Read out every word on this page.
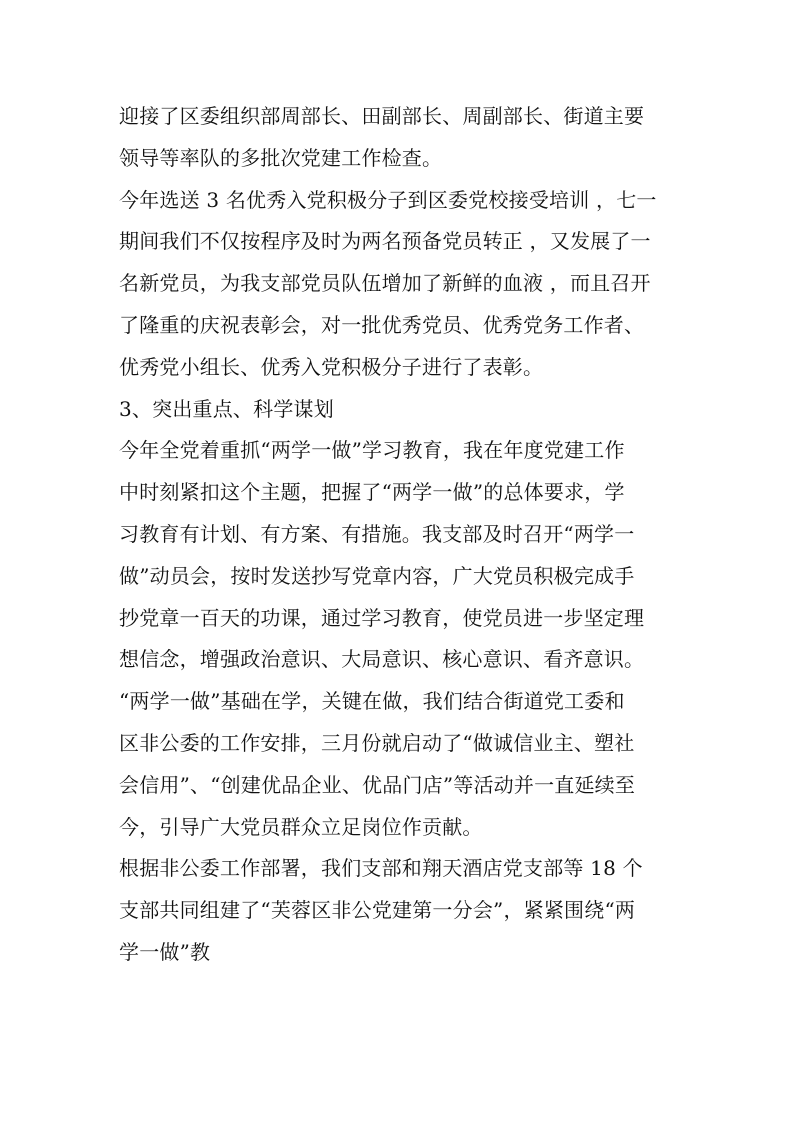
迎接了区委组织部周部长、田副部长、周副部长、街道主要
领导等率队的多批次党建工作检查。
今年选送 3 名优秀入党积极分子到区委党校接受培训 ，七一
期间我们不仅按程序及时为两名预备党员转正 ，又发展了一
名新党员，为我支部党员队伍增加了新鲜的血液 ，而且召开
了隆重的庆祝表彰会，对一批优秀党员、优秀党务工作者、
优秀党小组长、优秀入党积极分子进行了表彰。
3、突出重点、科学谋划
今年全党着重抓“两学一做”学习教育，我在年度党建工作
中时刻紧扣这个主题，把握了“两学一做”的总体要求，学
习教育有计划、有方案、有措施。我支部及时召开“两学一
做”动员会，按时发送抄写党章内容，广大党员积极完成手
抄党章一百天的功课，通过学习教育，使党员进一步坚定理
想信念，增强政治意识、大局意识、核心意识、看齐意识。
“两学一做”基础在学，关键在做，我们结合街道党工委和
区非公委的工作安排，三月份就启动了“做诚信业主、塑社
会信用”、“创建优品企业、优品门店”等活动并一直延续至
今，引导广大党员群众立足岗位作贡献。
根据非公委工作部署，我们支部和翔天酒店党支部等 18 个
支部共同组建了“芙蓉区非公党建第一分会”，紧紧围绕“两
学一做”教
